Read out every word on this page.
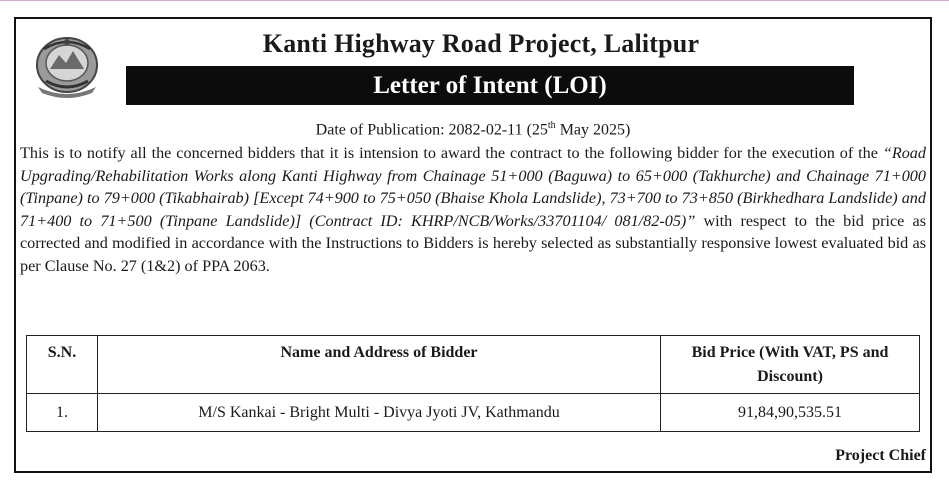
Kanti Highway Road Project, Lalitpur
Letter of Intent (LOI)
Date of Publication: 2082-02-11 (25th May 2025)
This is to notify all the concerned bidders that it is intension to award the contract to the following bidder for the execution of the “Road Upgrading/Rehabilitation Works along Kanti Highway from Chainage 51+000 (Baguwa) to 65+000 (Takhurche) and Chainage 71+000 (Tinpane) to 79+000 (Tikabhairab) [Except 74+900 to 75+050 (Bhaise Khola Landslide), 73+700 to 73+850 (Birkhedhara Landslide) and 71+400 to 71+500 (Tinpane Landslide)] (Contract ID: KHRP/NCB/Works/33701104/ 081/82-05)” with respect to the bid price as corrected and modified in accordance with the Instructions to Bidders is hereby selected as substantially responsive lowest evaluated bid as per Clause No. 27 (1&2) of PPA 2063.
S.N.	Name and Address of Bidder	Bid Price (With VAT, PS and Discount)
1.	M/S Kankai - Bright Multi - Divya Jyoti JV, Kathmandu	91,84,90,535.51
Project Chief
